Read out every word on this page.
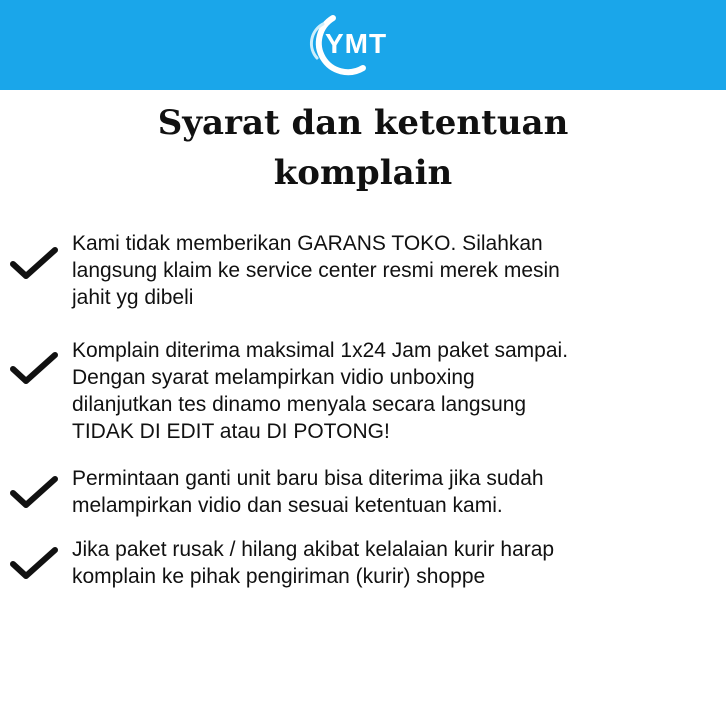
YMT
Syarat dan ketentuan
komplain
Kami tidak memberikan GARANS TOKO. Silahkan
langsung klaim ke service center resmi merek mesin
jahit yg dibeli
Komplain diterima maksimal 1x24 Jam paket sampai.
Dengan syarat melampirkan vidio unboxing
dilanjutkan tes dinamo menyala secara langsung
TIDAK DI EDIT atau DI POTONG!
Permintaan ganti unit baru bisa diterima jika sudah
melampirkan vidio dan sesuai ketentuan kami.
Jika paket rusak / hilang akibat kelalaian kurir harap
komplain ke pihak pengiriman (kurir) shoppe
